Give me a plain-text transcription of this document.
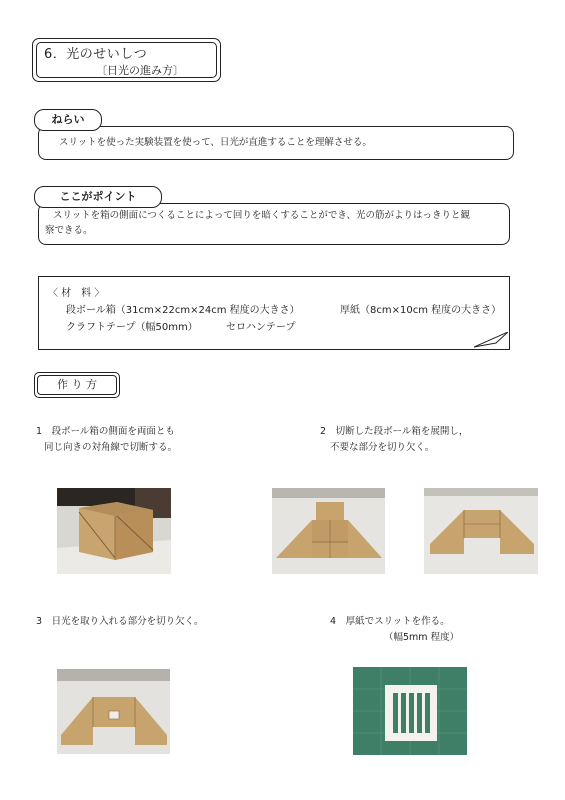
6．光のせいしつ
〔日光の進み方〕
スリットを使った実験装置を使って、日光が直進することを理解させる。
ねらい
スリットを箱の側面につくることによって回りを暗くすることができ、光の筋がよりはっきりと観
察できる。
ここがポイント
〈 材　料 〉
段ボール箱（31cm×22cm×24cm 程度の大きさ）	厚紙（8cm×10cm 程度の大きさ）
クラフトテープ（幅50mm）	セロハンテープ
作 り 方
1　 段ボール箱の側面を両面とも
同じ向きの対角線で切断する。
2　 切断した段ボール箱を展開し，
不要な部分を切り欠く。
3　 日光を取り入れる部分を切り欠く。	4　 厚紙でスリットを作る。
（幅5mm 程度）
